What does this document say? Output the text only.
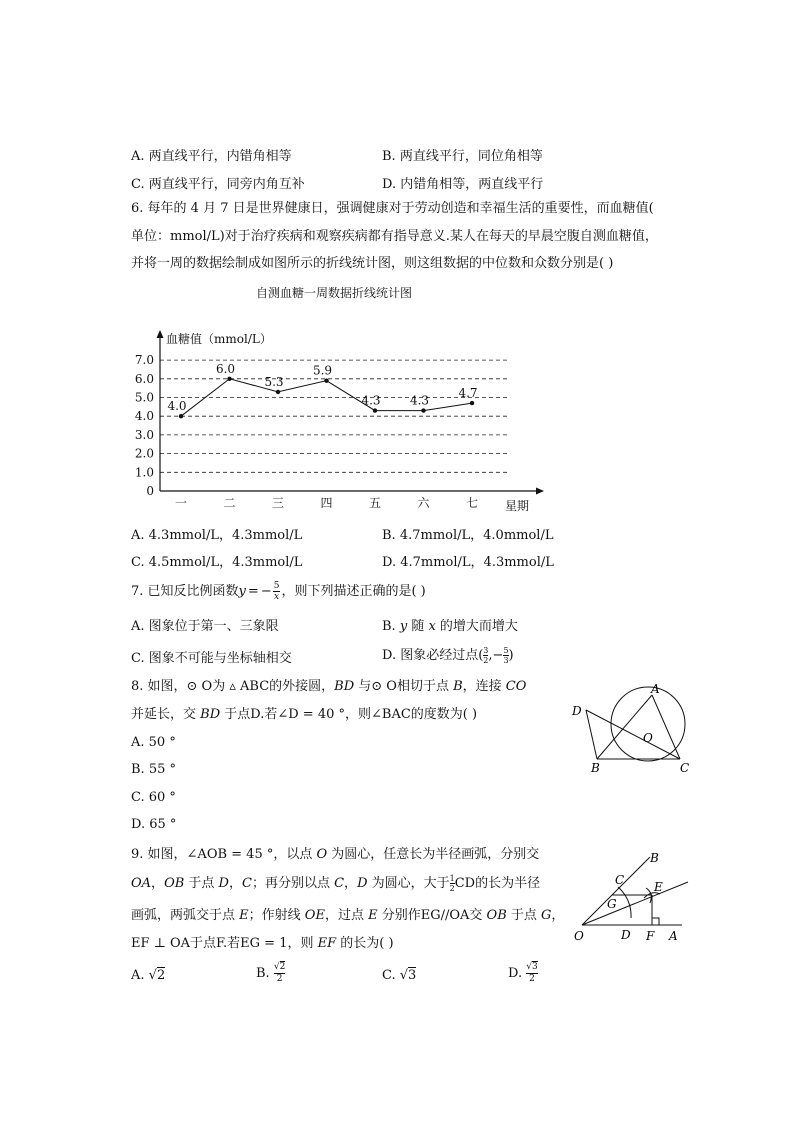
A. 两直线平行，内错角相等	B. 两直线平行，同位角相等
C. 两直线平行，同旁内角互补	D. 内错角相等，两直线平行
6. 每年的 4 月 7 日是世界健康日，强调健康对于劳动创造和幸福生活的重要性，而血糖值(
单位：mmol/L)对于治疗疾病和观察疾病都有指导意义.某人在每天的早晨空腹自测血糖值，
并将一周的数据绘制成如图所示的折线统计图，则这组数据的中位数和众数分别是( )
自测血糖一周数据折线统计图
0
1.0
2.0
3.0
4.0
5.0
6.0
7.0
一	二	三	四	五	六	七
4.0
6.0
5.3
5.9
4.3 4.3
4.7
血糖值（mmol/L）
星期
A. 4.3mmol/L，4.3mmol/L	B. 4.7mmol/L，4.0mmol/L
C. 4.5mmol/L，4.3mmol/L	D. 4.7mmol/L，4.3mmol/L
7. 已知反比例函数y = − $\frac{5}{x}$ ，则下列描述正确的是( )
A. 图象位于第一、三象限	B. y 随 x 的增大而增大
C. 图象不可能与坐标轴相交	D. 图象必经过点( $\frac{3}{2}$ ,− $\frac{5}{3}$ )
8. 如图，⊙ O为 ▵ ABC的外接圆，BD 与⊙ O相切于点 B，连接 CO
并延长，交 BD 于点D.若∠D = 40 °，则∠BAC的度数为( )
A. 50 °
B. 55 °
C. 60 °
D. 65 °
A
B	C
D
O
9. 如图，∠AOB = 45 °，以点 O 为圆心，任意长为半径画弧，分别交
OA，OB 于点 D，C；再分别以点 C，D 为圆心，大于 $\frac{1}{2}$ CD的长为半径
画弧，两弧交于点 E；作射线 OE，过点 E 分别作EG//OA交 OB 于点 G，
EF ⊥ OA于点F.若EG = 1，则 EF 的长为( )
A. √2	B. $\frac{√2}{2}$	C. √3	D. $\frac{√3}{2}$
O	A
B
C
D
E
F
G
